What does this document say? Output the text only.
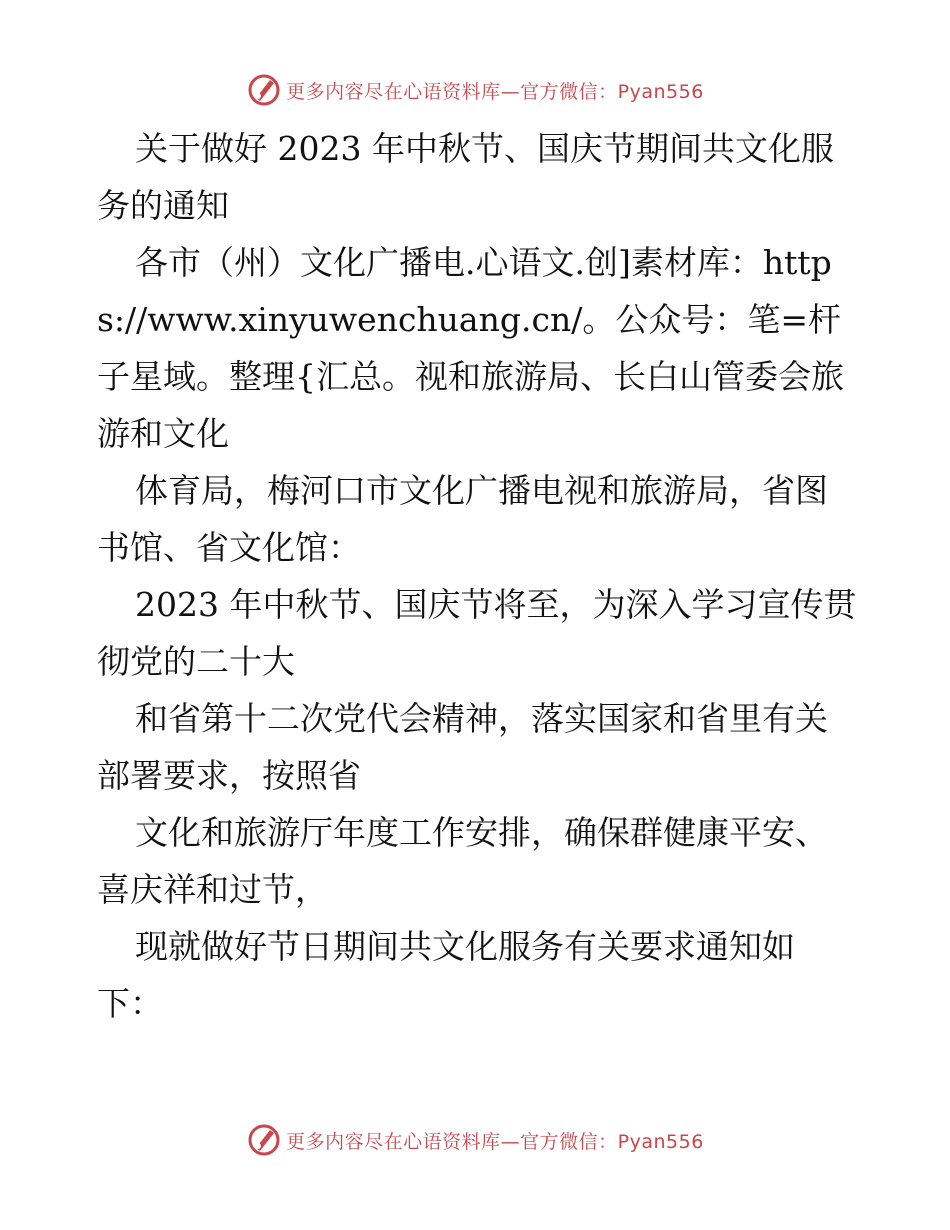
更多内容尽在心语资料库—官方微信：Pyan556

关于做好 2023 年中秋节、国庆节期间共文化服务的通知

各市（州）文化广播电.心语文.创]素材库：https://www.xinyuwenchuang.cn/。公众号：笔=杆子星域。整理{汇总。视和旅游局、长白山管委会旅游和文化

体育局，梅河口市文化广播电视和旅游局，省图书馆、省文化馆：

2023 年中秋节、国庆节将至，为深入学习宣传贯彻党的二十大

和省第十二次党代会精神，落实国家和省里有关部署要求，按照省

文化和旅游厅年度工作安排，确保群健康平安、喜庆祥和过节，

现就做好节日期间共文化服务有关要求通知如下：

更多内容尽在心语资料库—官方微信：Pyan556
